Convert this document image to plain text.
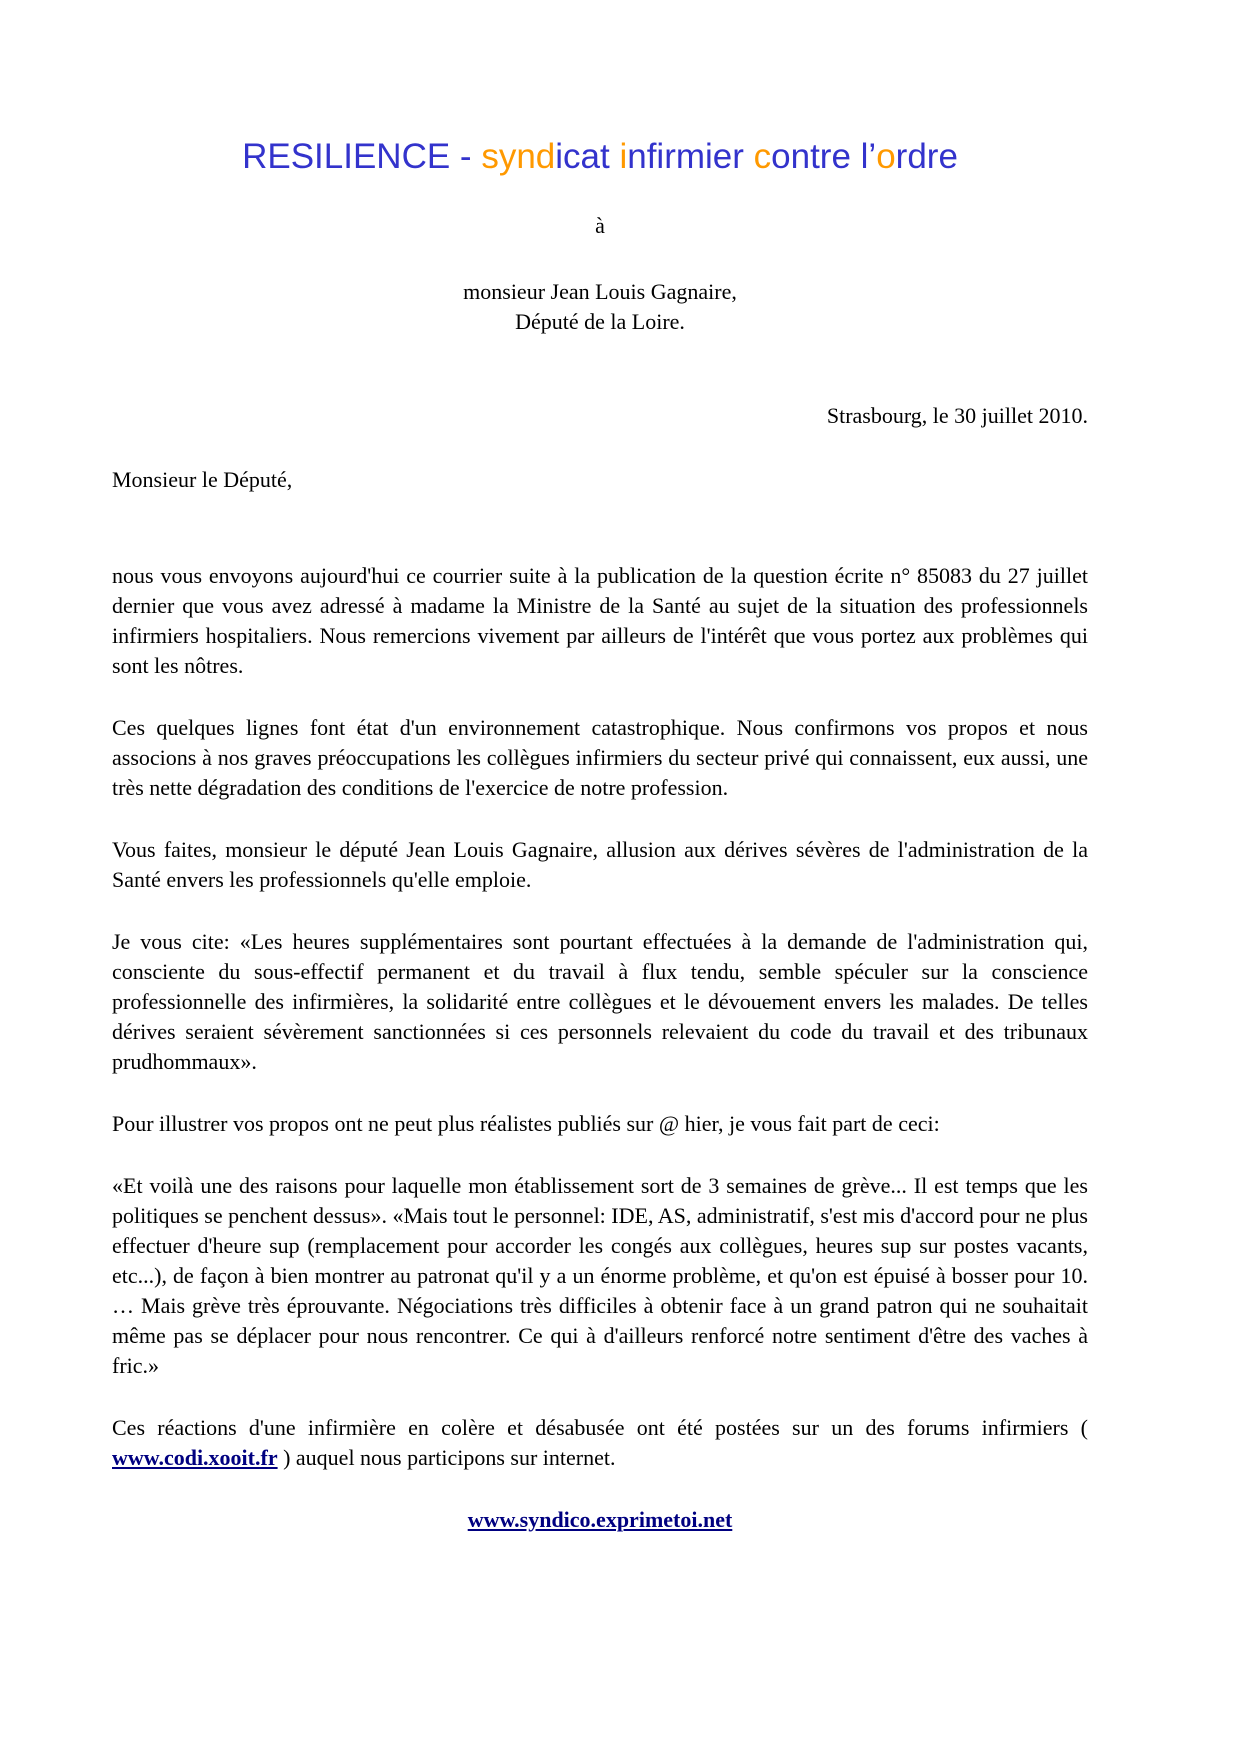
RESILIENCE - syndicat infirmier contre l’ordre
à
monsieur Jean Louis Gagnaire,
Député de la Loire.
Strasbourg, le 30 juillet 2010.
Monsieur le Député,

nous vous envoyons aujourd'hui ce courrier suite à la publication de la question écrite n° 85083 du 27 juillet dernier que vous avez adressé à madame la Ministre de la Santé au sujet de la situation des professionnels infirmiers hospitaliers. Nous remercions vivement par ailleurs de l'intérêt que vous portez aux problèmes qui sont les nôtres.

Ces quelques lignes font état d'un environnement catastrophique. Nous confirmons vos propos et nous associons à nos graves préoccupations les collègues infirmiers du secteur privé qui connaissent, eux aussi, une très nette dégradation des conditions de l'exercice de notre profession.

Vous faites, monsieur le député Jean Louis Gagnaire, allusion aux dérives sévères de l'administration de la Santé envers les professionnels qu'elle emploie.

Je vous cite: «Les heures supplémentaires sont pourtant effectuées à la demande de l'administration qui, consciente du sous-effectif permanent et du travail à flux tendu, semble spéculer sur la conscience professionnelle des infirmières, la solidarité entre collègues et le dévouement envers les malades. De telles dérives seraient sévèrement sanctionnées si ces personnels relevaient du code du travail et des tribunaux prudhommaux».

Pour illustrer vos propos ont ne peut plus réalistes publiés sur @ hier, je vous fait part de ceci:

«Et voilà une des raisons pour laquelle mon établissement sort de 3 semaines de grève... Il est temps que les politiques se penchent dessus». «Mais tout le personnel: IDE, AS, administratif, s'est mis d'accord pour ne plus effectuer d'heure sup (remplacement pour accorder les congés aux collègues, heures sup sur postes vacants, etc...), de façon à bien montrer au patronat qu'il y a un énorme problème, et qu'on est épuisé à bosser pour 10. … Mais grève très éprouvante. Négociations très difficiles à obtenir face à un grand patron qui ne souhaitait même pas se déplacer pour nous rencontrer. Ce qui à d'ailleurs renforcé notre sentiment d'être des vaches à fric.»

Ces réactions d'une infirmière en colère et désabusée ont été postées sur un des forums infirmiers ( www.codi.xooit.fr ) auquel nous participons sur internet.

www.syndico.exprimetoi.net
